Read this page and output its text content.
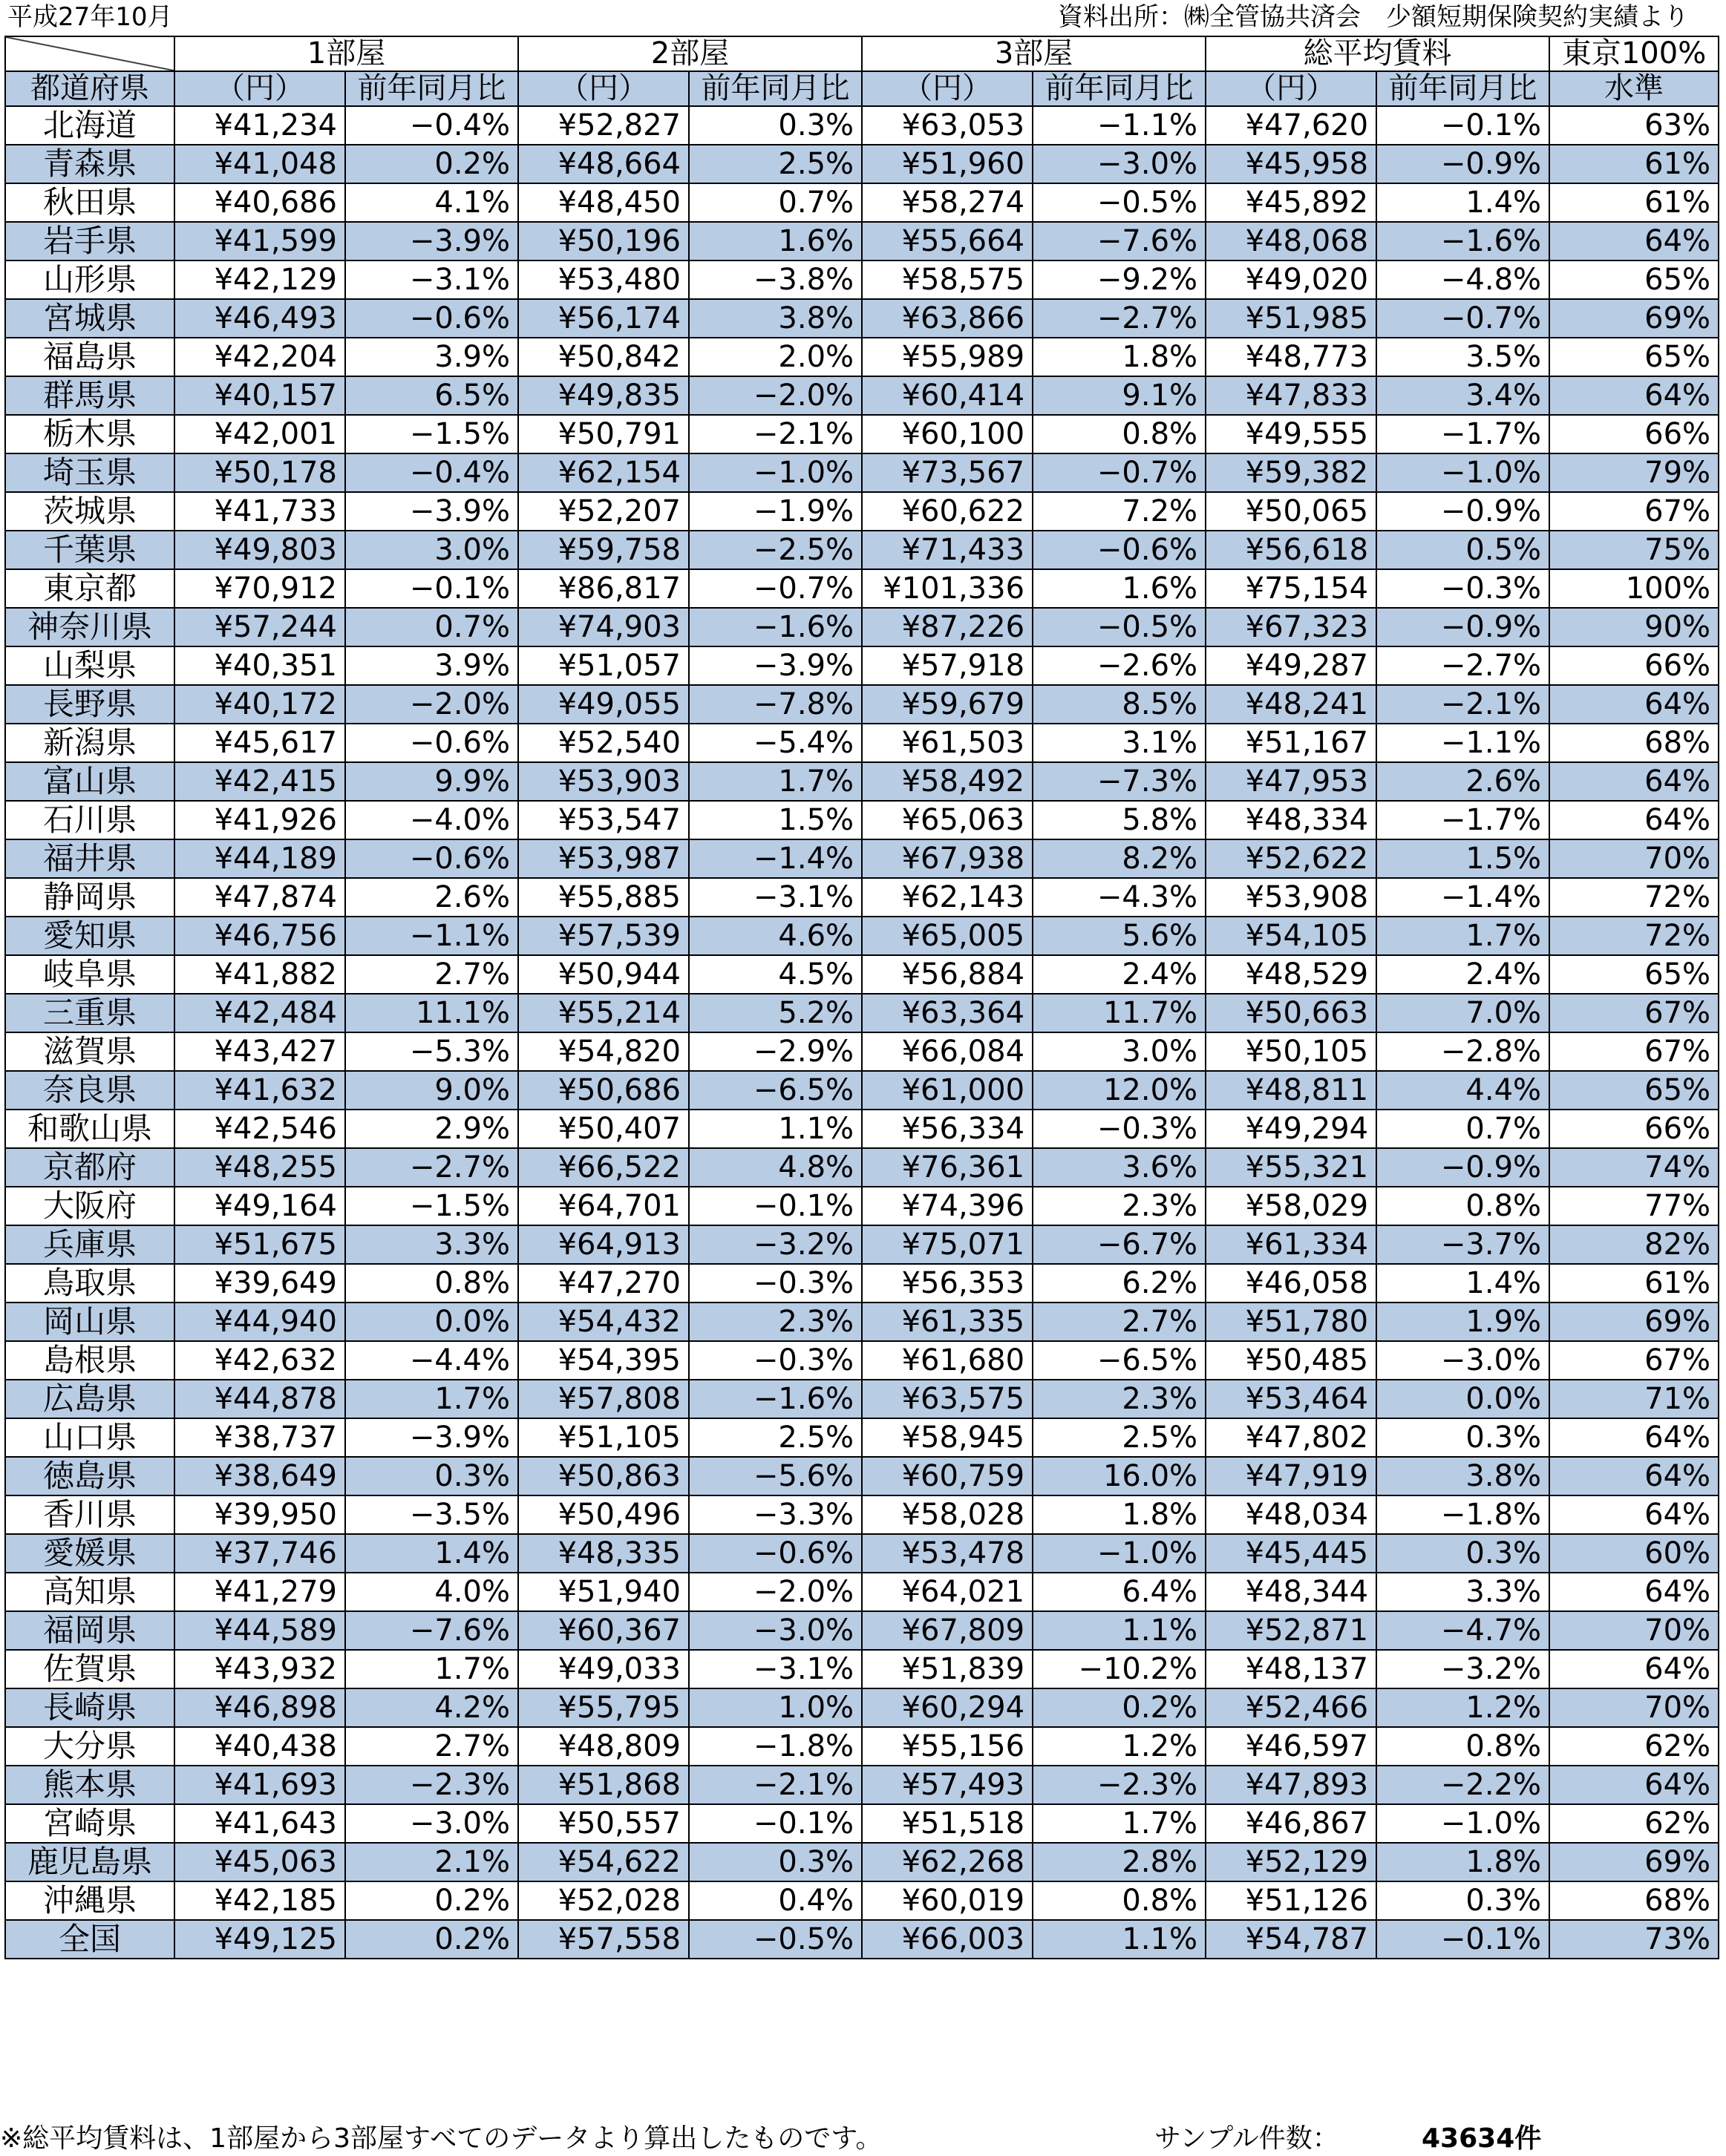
平成27年10月	資料出所：㈱全管協共済会　少額短期保険契約実績より
	1部屋		2部屋		3部屋		総平均賃料		東京100%
都道府県	（円）	前年同月比	（円）	前年同月比	（円）	前年同月比	（円）	前年同月比	水準
北海道	¥41,234	−0.4%	¥52,827	0.3%	¥63,053	−1.1%	¥47,620	−0.1%	63%
青森県	¥41,048	0.2%	¥48,664	2.5%	¥51,960	−3.0%	¥45,958	−0.9%	61%
秋田県	¥40,686	4.1%	¥48,450	0.7%	¥58,274	−0.5%	¥45,892	1.4%	61%
岩手県	¥41,599	−3.9%	¥50,196	1.6%	¥55,664	−7.6%	¥48,068	−1.6%	64%
山形県	¥42,129	−3.1%	¥53,480	−3.8%	¥58,575	−9.2%	¥49,020	−4.8%	65%
宮城県	¥46,493	−0.6%	¥56,174	3.8%	¥63,866	−2.7%	¥51,985	−0.7%	69%
福島県	¥42,204	3.9%	¥50,842	2.0%	¥55,989	1.8%	¥48,773	3.5%	65%
群馬県	¥40,157	6.5%	¥49,835	−2.0%	¥60,414	9.1%	¥47,833	3.4%	64%
栃木県	¥42,001	−1.5%	¥50,791	−2.1%	¥60,100	0.8%	¥49,555	−1.7%	66%
埼玉県	¥50,178	−0.4%	¥62,154	−1.0%	¥73,567	−0.7%	¥59,382	−1.0%	79%
茨城県	¥41,733	−3.9%	¥52,207	−1.9%	¥60,622	7.2%	¥50,065	−0.9%	67%
千葉県	¥49,803	3.0%	¥59,758	−2.5%	¥71,433	−0.6%	¥56,618	0.5%	75%
東京都	¥70,912	−0.1%	¥86,817	−0.7%	¥101,336	1.6%	¥75,154	−0.3%	100%
神奈川県	¥57,244	0.7%	¥74,903	−1.6%	¥87,226	−0.5%	¥67,323	−0.9%	90%
山梨県	¥40,351	3.9%	¥51,057	−3.9%	¥57,918	−2.6%	¥49,287	−2.7%	66%
長野県	¥40,172	−2.0%	¥49,055	−7.8%	¥59,679	8.5%	¥48,241	−2.1%	64%
新潟県	¥45,617	−0.6%	¥52,540	−5.4%	¥61,503	3.1%	¥51,167	−1.1%	68%
富山県	¥42,415	9.9%	¥53,903	1.7%	¥58,492	−7.3%	¥47,953	2.6%	64%
石川県	¥41,926	−4.0%	¥53,547	1.5%	¥65,063	5.8%	¥48,334	−1.7%	64%
福井県	¥44,189	−0.6%	¥53,987	−1.4%	¥67,938	8.2%	¥52,622	1.5%	70%
静岡県	¥47,874	2.6%	¥55,885	−3.1%	¥62,143	−4.3%	¥53,908	−1.4%	72%
愛知県	¥46,756	−1.1%	¥57,539	4.6%	¥65,005	5.6%	¥54,105	1.7%	72%
岐阜県	¥41,882	2.7%	¥50,944	4.5%	¥56,884	2.4%	¥48,529	2.4%	65%
三重県	¥42,484	11.1%	¥55,214	5.2%	¥63,364	11.7%	¥50,663	7.0%	67%
滋賀県	¥43,427	−5.3%	¥54,820	−2.9%	¥66,084	3.0%	¥50,105	−2.8%	67%
奈良県	¥41,632	9.0%	¥50,686	−6.5%	¥61,000	12.0%	¥48,811	4.4%	65%
和歌山県	¥42,546	2.9%	¥50,407	1.1%	¥56,334	−0.3%	¥49,294	0.7%	66%
京都府	¥48,255	−2.7%	¥66,522	4.8%	¥76,361	3.6%	¥55,321	−0.9%	74%
大阪府	¥49,164	−1.5%	¥64,701	−0.1%	¥74,396	2.3%	¥58,029	0.8%	77%
兵庫県	¥51,675	3.3%	¥64,913	−3.2%	¥75,071	−6.7%	¥61,334	−3.7%	82%
鳥取県	¥39,649	0.8%	¥47,270	−0.3%	¥56,353	6.2%	¥46,058	1.4%	61%
岡山県	¥44,940	0.0%	¥54,432	2.3%	¥61,335	2.7%	¥51,780	1.9%	69%
島根県	¥42,632	−4.4%	¥54,395	−0.3%	¥61,680	−6.5%	¥50,485	−3.0%	67%
広島県	¥44,878	1.7%	¥57,808	−1.6%	¥63,575	2.3%	¥53,464	0.0%	71%
山口県	¥38,737	−3.9%	¥51,105	2.5%	¥58,945	2.5%	¥47,802	0.3%	64%
徳島県	¥38,649	0.3%	¥50,863	−5.6%	¥60,759	16.0%	¥47,919	3.8%	64%
香川県	¥39,950	−3.5%	¥50,496	−3.3%	¥58,028	1.8%	¥48,034	−1.8%	64%
愛媛県	¥37,746	1.4%	¥48,335	−0.6%	¥53,478	−1.0%	¥45,445	0.3%	60%
高知県	¥41,279	4.0%	¥51,940	−2.0%	¥64,021	6.4%	¥48,344	3.3%	64%
福岡県	¥44,589	−7.6%	¥60,367	−3.0%	¥67,809	1.1%	¥52,871	−4.7%	70%
佐賀県	¥43,932	1.7%	¥49,033	−3.1%	¥51,839	−10.2%	¥48,137	−3.2%	64%
長崎県	¥46,898	4.2%	¥55,795	1.0%	¥60,294	0.2%	¥52,466	1.2%	70%
大分県	¥40,438	2.7%	¥48,809	−1.8%	¥55,156	1.2%	¥46,597	0.8%	62%
熊本県	¥41,693	−2.3%	¥51,868	−2.1%	¥57,493	−2.3%	¥47,893	−2.2%	64%
宮崎県	¥41,643	−3.0%	¥50,557	−0.1%	¥51,518	1.7%	¥46,867	−1.0%	62%
鹿児島県	¥45,063	2.1%	¥54,622	0.3%	¥62,268	2.8%	¥52,129	1.8%	69%
沖縄県	¥42,185	0.2%	¥52,028	0.4%	¥60,019	0.8%	¥51,126	0.3%	68%
全国	¥49,125	0.2%	¥57,558	−0.5%	¥66,003	1.1%	¥54,787	−0.1%	73%
※総平均賃料は、1部屋から3部屋すべてのデータより算出したものです。	サンプル件数：	43634件
